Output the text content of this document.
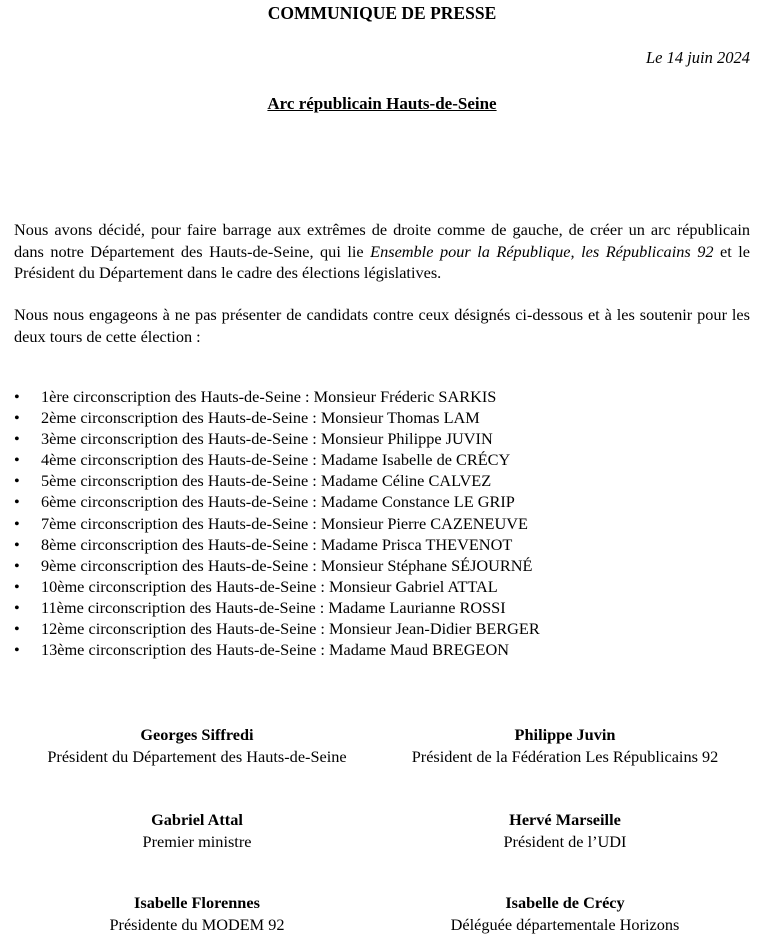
COMMUNIQUE DE PRESSE
Le 14 juin 2024
Arc républicain Hauts-de-Seine
Nous avons décidé, pour faire barrage aux extrêmes de droite comme de gauche, de créer un arc républicain dans notre Département des Hauts-de-Seine, qui lie Ensemble pour la République, les Républicains 92 et le Président du Département dans le cadre des élections législatives.
Nous nous engageons à ne pas présenter de candidats contre ceux désignés ci-dessous et à les soutenir pour les deux tours de cette élection :
• 1ère circonscription des Hauts-de-Seine : Monsieur Fréderic SARKIS
• 2ème circonscription des Hauts-de-Seine : Monsieur Thomas LAM
• 3ème circonscription des Hauts-de-Seine : Monsieur Philippe JUVIN
• 4ème circonscription des Hauts-de-Seine : Madame Isabelle de CRÉCY
• 5ème circonscription des Hauts-de-Seine : Madame Céline CALVEZ
• 6ème circonscription des Hauts-de-Seine : Madame Constance LE GRIP
• 7ème circonscription des Hauts-de-Seine : Monsieur Pierre CAZENEUVE
• 8ème circonscription des Hauts-de-Seine : Madame Prisca THEVENOT
• 9ème circonscription des Hauts-de-Seine : Monsieur Stéphane SÉJOURNÉ
• 10ème circonscription des Hauts-de-Seine : Monsieur Gabriel ATTAL
• 11ème circonscription des Hauts-de-Seine : Madame Laurianne ROSSI
• 12ème circonscription des Hauts-de-Seine : Monsieur Jean-Didier BERGER
• 13ème circonscription des Hauts-de-Seine : Madame Maud BREGEON
Georges Siffredi
Président du Département des Hauts-de-Seine
Philippe Juvin
Président de la Fédération Les Républicains 92
Gabriel Attal
Premier ministre
Hervé Marseille
Président de l’UDI
Isabelle Florennes
Présidente du MODEM 92
Isabelle de Crécy
Déléguée départementale Horizons
